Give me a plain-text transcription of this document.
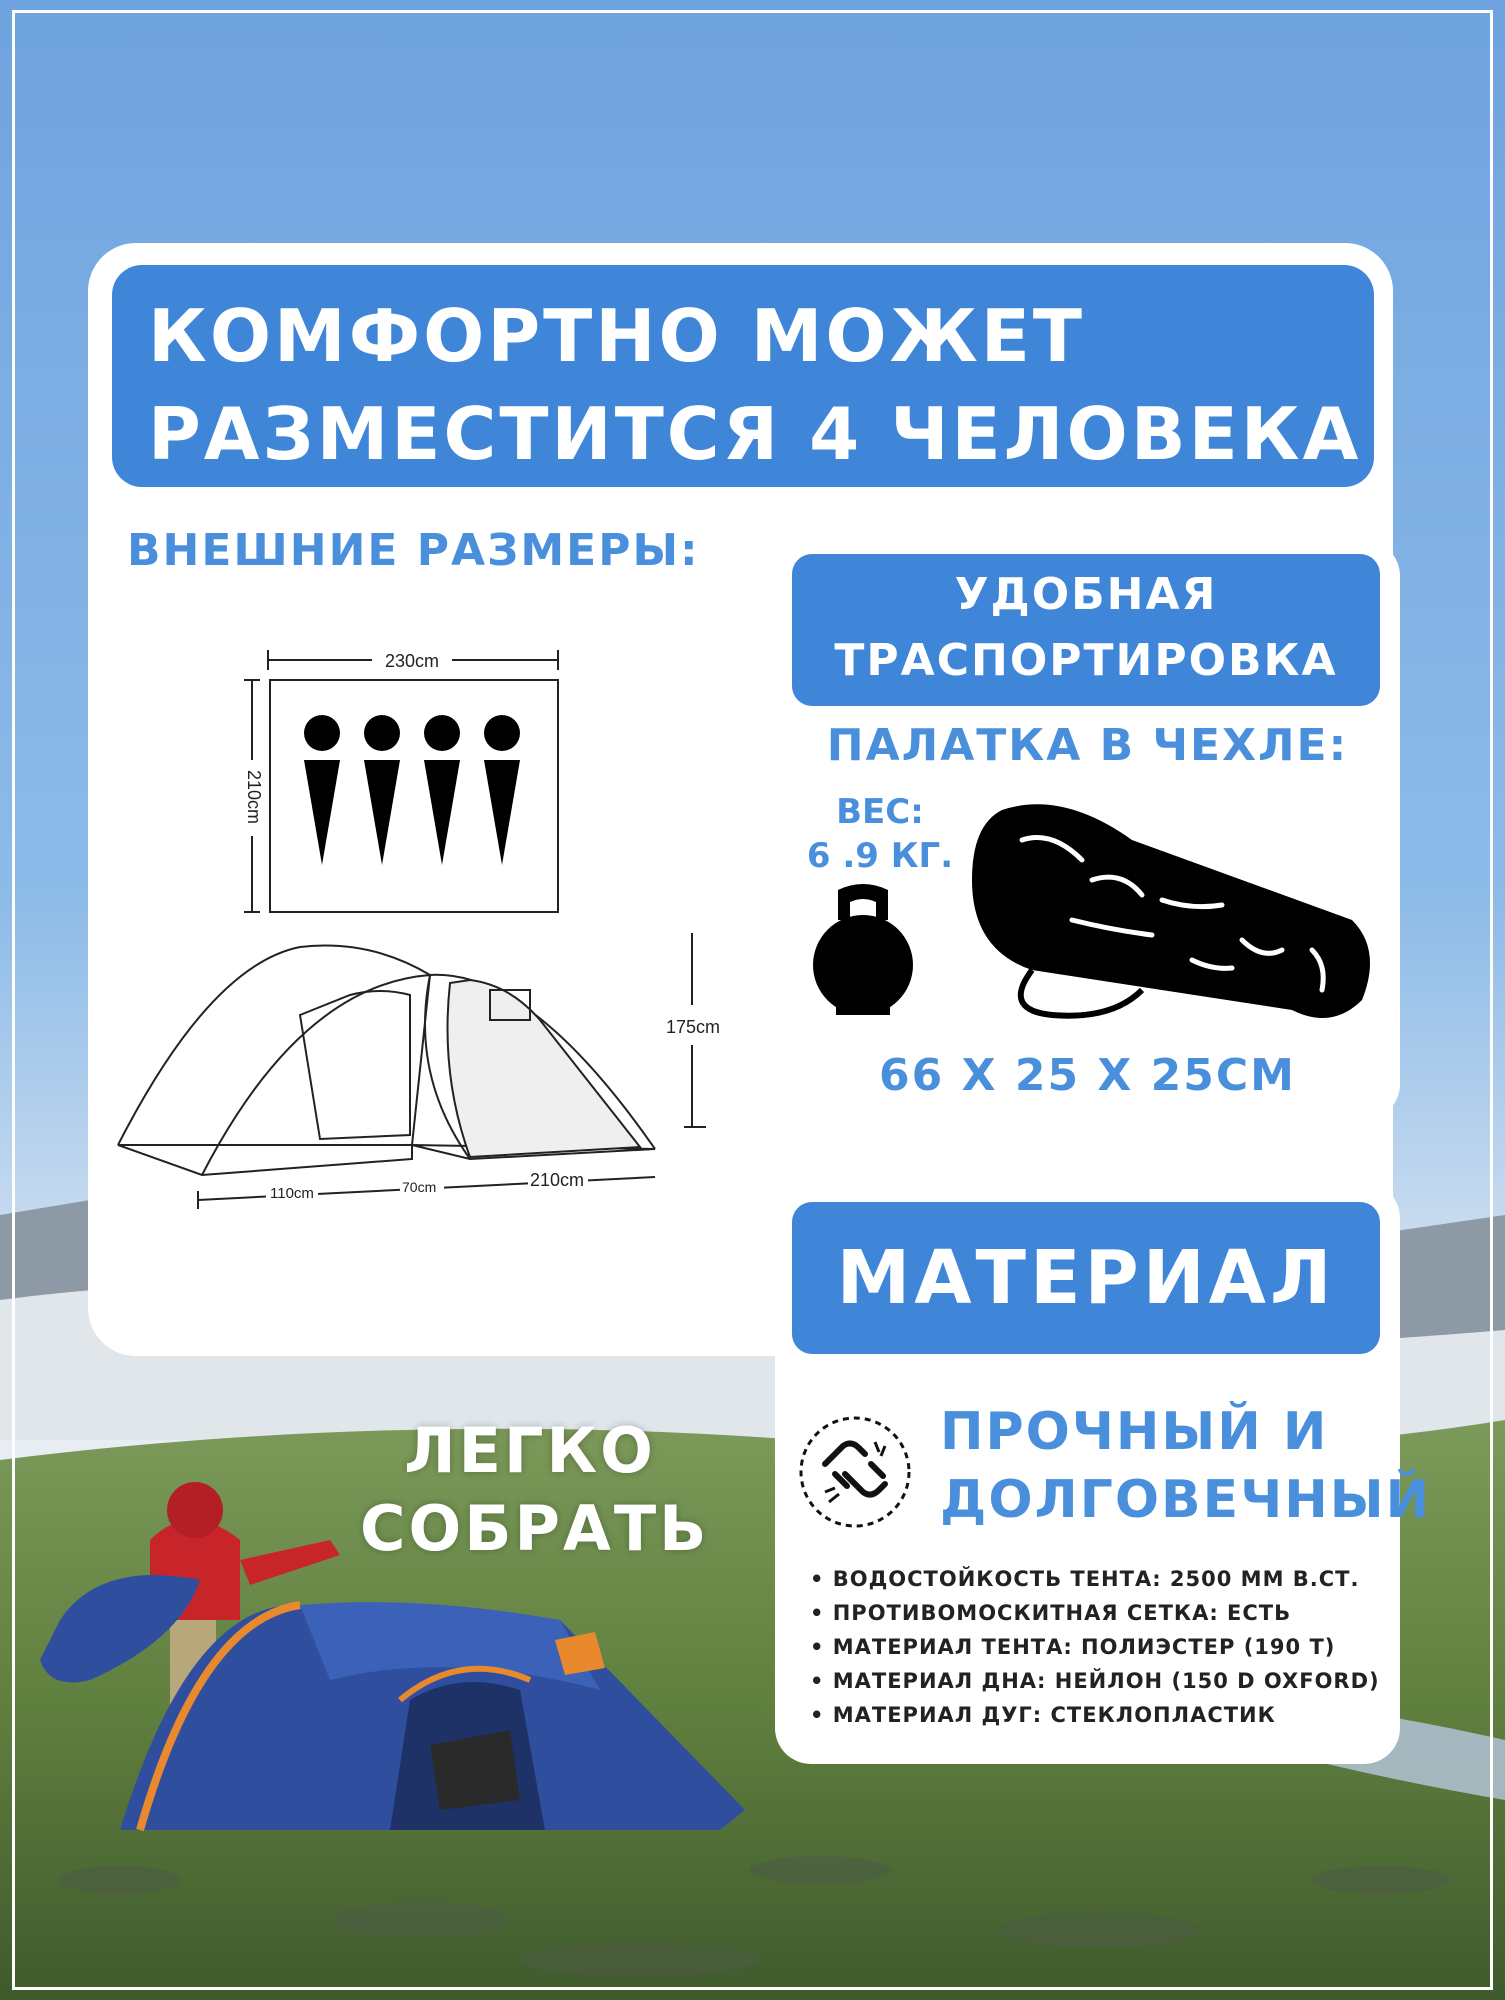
КОМФОРТНО МОЖЕТ
РАЗМЕСТИТСЯ 4 ЧЕЛОВЕКА
ВНЕШНИЕ РАЗМЕРЫ:
230cm
210cm
175cm
110cm	70cm	210cm
УДОБНАЯ
ТРАСПОРТИРОВКА
ПАЛАТКА В ЧЕХЛЕ:
ВЕС:
6 .9 КГ.
66 X 25 X 25CM
МАТЕРИАЛ
ПРОЧНЫЙ И
ДОЛГОВЕЧНЫЙ
• ВОДОСТОЙКОСТЬ ТЕНТА: 2500 ММ В.СТ.
• ПРОТИВОМОСКИТНАЯ СЕТКА: ЕСТЬ
• МАТЕРИАЛ ТЕНТА: ПОЛИЭСТЕР (190 Т)
• МАТЕРИАЛ ДНА: НЕЙЛОН (150 D OXFORD)
• МАТЕРИАЛ ДУГ: СТЕКЛОПЛАСТИК
ЛЕГКО
СОБРАТЬ
